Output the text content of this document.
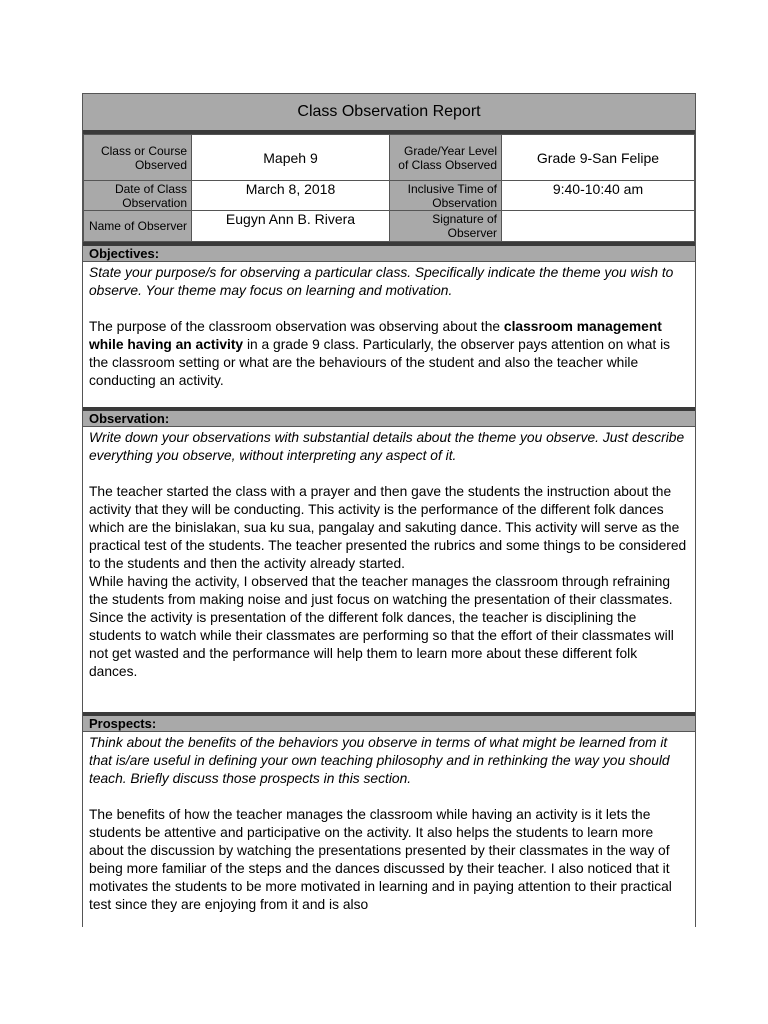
Class Observation Report
Class or Course Observed	Mapeh 9	Grade/Year Level of Class Observed	Grade 9-San Felipe
Date of Class Observation	March 8, 2018	Inclusive Time of Observation	9:40-10:40 am
Name of Observer	Eugyn Ann B. Rivera	Signature of Observer	
Objectives:

State your purpose/s for observing a particular class. Specifically indicate the theme you wish to observe. Your theme may focus on learning and motivation.

The purpose of the classroom observation was observing about the classroom management while having an activity in a grade 9 class. Particularly, the observer pays attention on what is the classroom setting or what are the behaviours of the student and also the teacher while conducting an activity.

Observation:

Write down your observations with substantial details about the theme you observe. Just describe everything you observe, without interpreting any aspect of it.

The teacher started the class with a prayer and then gave the students the instruction about the activity that they will be conducting. This activity is the performance of the different folk dances which are the binislakan, sua ku sua, pangalay and sakuting dance. This activity will serve as the practical test of the students. The teacher presented the rubrics and some things to be considered to the students and then the activity already started.

While having the activity, I observed that the teacher manages the classroom through refraining the students from making noise and just focus on watching the presentation of their classmates. Since the activity is presentation of the different folk dances, the teacher is disciplining the students to watch while their classmates are performing so that the effort of their classmates will not get wasted and the performance will help them to learn more about these different folk dances.

Prospects:

Think about the benefits of the behaviors you observe in terms of what might be learned from it that is/are useful in defining your own teaching philosophy and in rethinking the way you should teach. Briefly discuss those prospects in this section.

The benefits of how the teacher manages the classroom while having an activity is it lets the students be attentive and participative on the activity. It also helps the students to learn more about the discussion by watching the presentations presented by their classmates in the way of being more familiar of the steps and the dances discussed by their teacher. I also noticed that it motivates the students to be more motivated in learning and in paying attention to their practical test since they are enjoying from it and is also
